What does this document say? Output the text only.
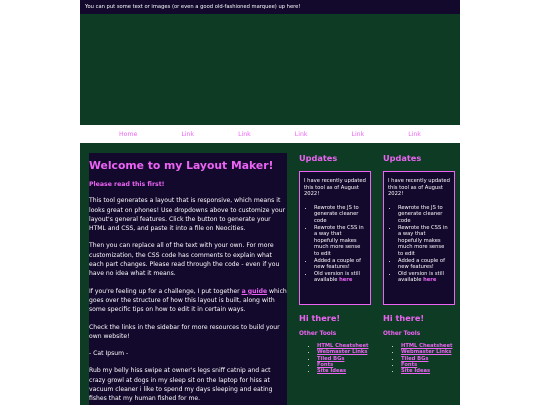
You can put some text or images (or even a good old-fashioned marquee) up here!
Home	Link	Link	Link	Link	Link
Welcome to my Layout Maker!
Please read this first!

This tool generates a layout that is responsive, which means it looks great on phones! Use dropdowns above to customize your layout's general features. Click the button to generate your HTML and CSS, and paste it into a file on Neocities.

Then you can replace all of the text with your own. For more customization, the CSS code has comments to explain what each part changes. Please read through the code - even if you have no idea what it means.

If you're feeling up for a challenge, I put together a guide which goes over the structure of how this layout is built, along with some specific tips on how to edit it in certain ways.

Check the links in the sidebar for more resources to build your own website!

- Cat Ipsum -

Rub my belly hiss swipe at owner's legs sniff catnip and act crazy growl at dogs in my sleep sit on the laptop for hiss at vacuum cleaner i like to spend my days sleeping and eating fishes that my human fished for me.

Updates

I have recently updated this tool as of August 2022!

• Rewrote the JS to generate cleaner code
• Rewrote the CSS in a way that hopefully makes much more sense to edit
• Added a couple of new features!
• Old version is still available here
Hi there!
Other Tools
• HTML Cheatsheet
• Webmaster Links
• Tiled BGs
• Fonts
• Site Ideas
Updates

I have recently updated this tool as of August 2022!

• Rewrote the JS to generate cleaner code
• Rewrote the CSS in a way that hopefully makes much more sense to edit
• Added a couple of new features!
• Old version is still available here
Hi there!
Other Tools
• HTML Cheatsheet
• Webmaster Links
• Tiled BGs
• Fonts
• Site Ideas
